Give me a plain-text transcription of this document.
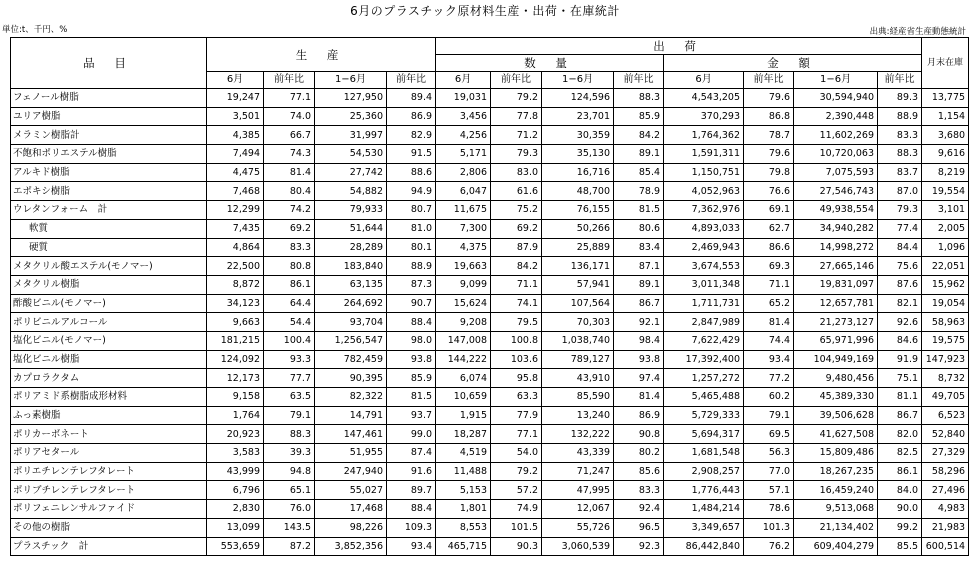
6月のプラスチック原材料生産・出荷・在庫統計
単位:t、千円、%	出典:経産省生産動態統計
品 目	生 産				出 荷								月末在庫
					数 量				金 額				
	6月	前年比	1−6月	前年比	6月	前年比	1−6月	前年比	6月	前年比	1−6月	前年比	
フェノール樹脂	19,247	77.1	127,950	89.4	19,031	79.2	124,596	88.3	4,543,205	79.6	30,594,940	89.3	13,775
ユリア樹脂	3,501	74.0	25,360	86.9	3,456	77.8	23,701	85.9	370,293	86.8	2,390,448	88.9	1,154
メラミン樹脂計	4,385	66.7	31,997	82.9	4,256	71.2	30,359	84.2	1,764,362	78.7	11,602,269	83.3	3,680
不飽和ポリエステル樹脂	7,494	74.3	54,530	91.5	5,171	79.3	35,130	89.1	1,591,311	79.6	10,720,063	88.3	9,616
アルキド樹脂	4,475	81.4	27,742	88.6	2,806	83.0	16,716	85.4	1,150,751	79.8	7,075,593	83.7	8,219
エポキシ樹脂	7,468	80.4	54,882	94.9	6,047	61.6	48,700	78.9	4,052,963	76.6	27,546,743	87.0	19,554
ウレタンフォーム　計	12,299	74.2	79,933	80.7	11,675	75.2	76,155	81.5	7,362,976	69.1	49,938,554	79.3	3,101
軟質	7,435	69.2	51,644	81.0	7,300	69.2	50,266	80.6	4,893,033	62.7	34,940,282	77.4	2,005
硬質	4,864	83.3	28,289	80.1	4,375	87.9	25,889	83.4	2,469,943	86.6	14,998,272	84.4	1,096
メタクリル酸エステル(モノマー)	22,500	80.8	183,840	88.9	19,663	84.2	136,171	87.1	3,674,553	69.3	27,665,146	75.6	22,051
メタクリル樹脂	8,872	86.1	63,135	87.3	9,099	71.1	57,941	89.1	3,011,348	71.1	19,831,097	87.6	15,962
酢酸ビニル(モノマー)	34,123	64.4	264,692	90.7	15,624	74.1	107,564	86.7	1,711,731	65.2	12,657,781	82.1	19,054
ポリビニルアルコール	9,663	54.4	93,704	88.4	9,208	79.5	70,303	92.1	2,847,989	81.4	21,273,127	92.6	58,963
塩化ビニル(モノマー)	181,215	100.4	1,256,547	98.0	147,008	100.8	1,038,740	98.4	7,622,429	74.4	65,971,996	84.6	19,575
塩化ビニル樹脂	124,092	93.3	782,459	93.8	144,222	103.6	789,127	93.8	17,392,400	93.4	104,949,169	91.9	147,923
カプロラクタム	12,173	77.7	90,395	85.9	6,074	95.8	43,910	97.4	1,257,272	77.2	9,480,456	75.1	8,732
ポリアミド系樹脂成形材料	9,158	63.5	82,322	81.5	10,659	63.3	85,590	81.4	5,465,488	60.2	45,389,330	81.1	49,705
ふっ素樹脂	1,764	79.1	14,791	93.7	1,915	77.9	13,240	86.9	5,729,333	79.1	39,506,628	86.7	6,523
ポリカーボネート	20,923	88.3	147,461	99.0	18,287	77.1	132,222	90.8	5,694,317	69.5	41,627,508	82.0	52,840
ポリアセタール	3,583	39.3	51,955	87.4	4,519	54.0	43,339	80.2	1,681,548	56.3	15,809,486	82.5	27,329
ポリエチレンテレフタレート	43,999	94.8	247,940	91.6	11,488	79.2	71,247	85.6	2,908,257	77.0	18,267,235	86.1	58,296
ポリブチレンテレフタレート	6,796	65.1	55,027	89.7	5,153	57.2	47,995	83.3	1,776,443	57.1	16,459,240	84.0	27,496
ポリフェニレンサルファイド	2,830	76.0	17,468	88.4	1,801	74.9	12,067	92.4	1,484,214	78.6	9,513,068	90.0	4,983
その他の樹脂	13,099	143.5	98,226	109.3	8,553	101.5	55,726	96.5	3,349,657	101.3	21,134,402	99.2	21,983
プラスチック　計	553,659	87.2	3,852,356	93.4	465,715	90.3	3,060,539	92.3	86,442,840	76.2	609,404,279	85.5	600,514
